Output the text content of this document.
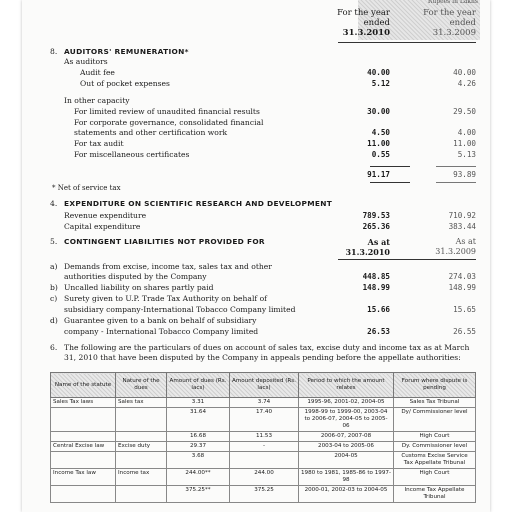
Rupees in Lakhs
For the year
ended
31.3.2010
For the year
ended
31.3.2009
8. AUDITORS' REMUNERATION*
As auditors
Audit fee	40.00	40.00
Out of pocket expenses	5.12	4.26
In other capacity
For limited review of unaudited financial results	30.00	29.50
For corporate governance, consolidated financial
statements and other certification work	4.50	4.00
For tax audit	11.00	11.00
For miscellaneous certificates	0.55	5.13
91.17	93.89
* Net of service tax
4. EXPENDITURE ON SCIENTIFIC RESEARCH AND DEVELOPMENT
Revenue expenditure	789.53	710.92
Capital expenditure	265.36	383.44
5. CONTINGENT LIABILITIES NOT PROVIDED FOR	As at
31.3.2010
As at
31.3.2009
a) Demands from excise, income tax, sales tax and other
authorities disputed by the Company	448.85	274.03
b) Uncalled liability on shares partly paid	148.99	148.99
c) Surety given to U.P. Trade Tax Authority on behalf of
subsidiary company-International Tobacco Company limited	15.66	15.65
d) Guarantee given to a bank on behalf of subsidiary
company - International Tobacco Company limited	26.53	26.55
6. The following are the particulars of dues on account of sales tax, excise duty and income tax as at March
31, 2010 that have been disputed by the Company in appeals pending before the appellate authorities:
Name of the statute	Nature of the dues	Amount of dues (Rs. lacs)	Amount deposited (Rs. lacs)	Period to which the amount relates	Forum where dispute is pending
Sales Tax laws	Sales tax	3.31	3.74	1995-96, 2001-02, 2004-05	Sales Tax Tribunal
		31.64	17.40	1998-99 to 1999-00, 2003-04 to 2006-07, 2004-05 to 2005-06	Dy/ Commissioner level
		16.68	11.53	2006-07, 2007-08	High Court
Central Excise law	Excise duty	29.37	-	2003-04 to 2005-06	Dy. Commissioner level
		3.68		2004-05	Customs Excise Service Tax Appellate Tribunal
Income Tax law	Income tax	244.00**	244.00	1980 to 1981, 1985-86 to 1997-98	High Court
		375.25**	375.25	2000-01, 2002-03 to 2004-05	Income Tax Appellate Tribunal
